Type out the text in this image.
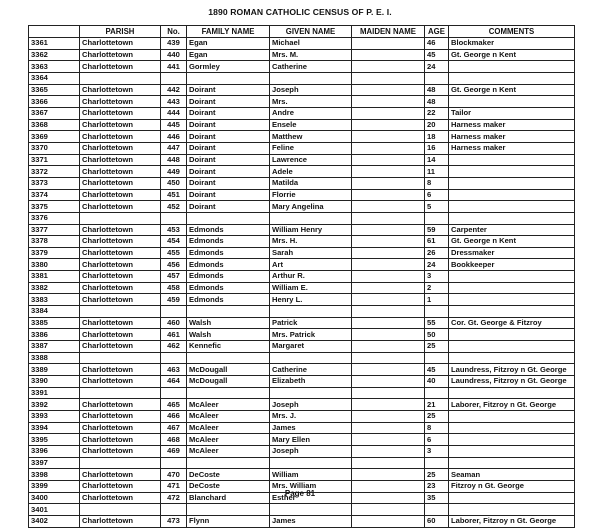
1890 ROMAN CATHOLIC CENSUS OF P. E. I.
	PARISH	No.	FAMILY NAME	GIVEN NAME	MAIDEN NAME	AGE	COMMENTS
3361	Charlottetown	439	Egan	Michael		46	Blockmaker
3362	Charlottetown	440	Egan	Mrs. M.		45	Gt. George n Kent
3363	Charlottetown	441	Gormley	Catherine		24	
3364							
3365	Charlottetown	442	Doirant	Joseph		48	Gt. George n Kent
3366	Charlottetown	443	Doirant	Mrs.		48	
3367	Charlottetown	444	Doirant	Andre		22	Tailor
3368	Charlottetown	445	Doirant	Ensele		20	Harness maker
3369	Charlottetown	446	Doirant	Matthew		18	Harness maker
3370	Charlottetown	447	Doirant	Feline		16	Harness maker
3371	Charlottetown	448	Doirant	Lawrence		14	
3372	Charlottetown	449	Doirant	Adele		11	
3373	Charlottetown	450	Doirant	Matilda		8	
3374	Charlottetown	451	Doirant	Florrie		6	
3375	Charlottetown	452	Doirant	Mary Angelina		5	
3376							
3377	Charlottetown	453	Edmonds	William Henry		59	Carpenter
3378	Charlottetown	454	Edmonds	Mrs. H.		61	Gt. George n Kent
3379	Charlottetown	455	Edmonds	Sarah		26	Dressmaker
3380	Charlottetown	456	Edmonds	Art		24	Bookkeeper
3381	Charlottetown	457	Edmonds	Arthur R.		3	
3382	Charlottetown	458	Edmonds	William E.		2	
3383	Charlottetown	459	Edmonds	Henry L.		1	
3384							
3385	Charlottetown	460	Walsh	Patrick		55	Cor. Gt. George & Fitzroy
3386	Charlottetown	461	Walsh	Mrs. Patrick		50	
3387	Charlottetown	462	Kennefic	Margaret		25	
3388							
3389	Charlottetown	463	McDougall	Catherine		45	Laundress, Fitzroy n Gt. George
3390	Charlottetown	464	McDougall	Elizabeth		40	Laundress, Fitzroy n Gt. George
3391							
3392	Charlottetown	465	McAleer	Joseph		21	Laborer, Fitzroy n Gt. George
3393	Charlottetown	466	McAleer	Mrs. J.		25	
3394	Charlottetown	467	McAleer	James		8	
3395	Charlottetown	468	McAleer	Mary Ellen		6	
3396	Charlottetown	469	McAleer	Joseph		3	
3397							
3398	Charlottetown	470	DeCoste	William		25	Seaman
3399	Charlottetown	471	DeCoste	Mrs. William		23	Fitzroy n Gt. George
3400	Charlottetown	472	Blanchard	Esther		35	
3401							
3402	Charlottetown	473	Flynn	James		60	Laborer, Fitzroy n Gt. George
Page 81
